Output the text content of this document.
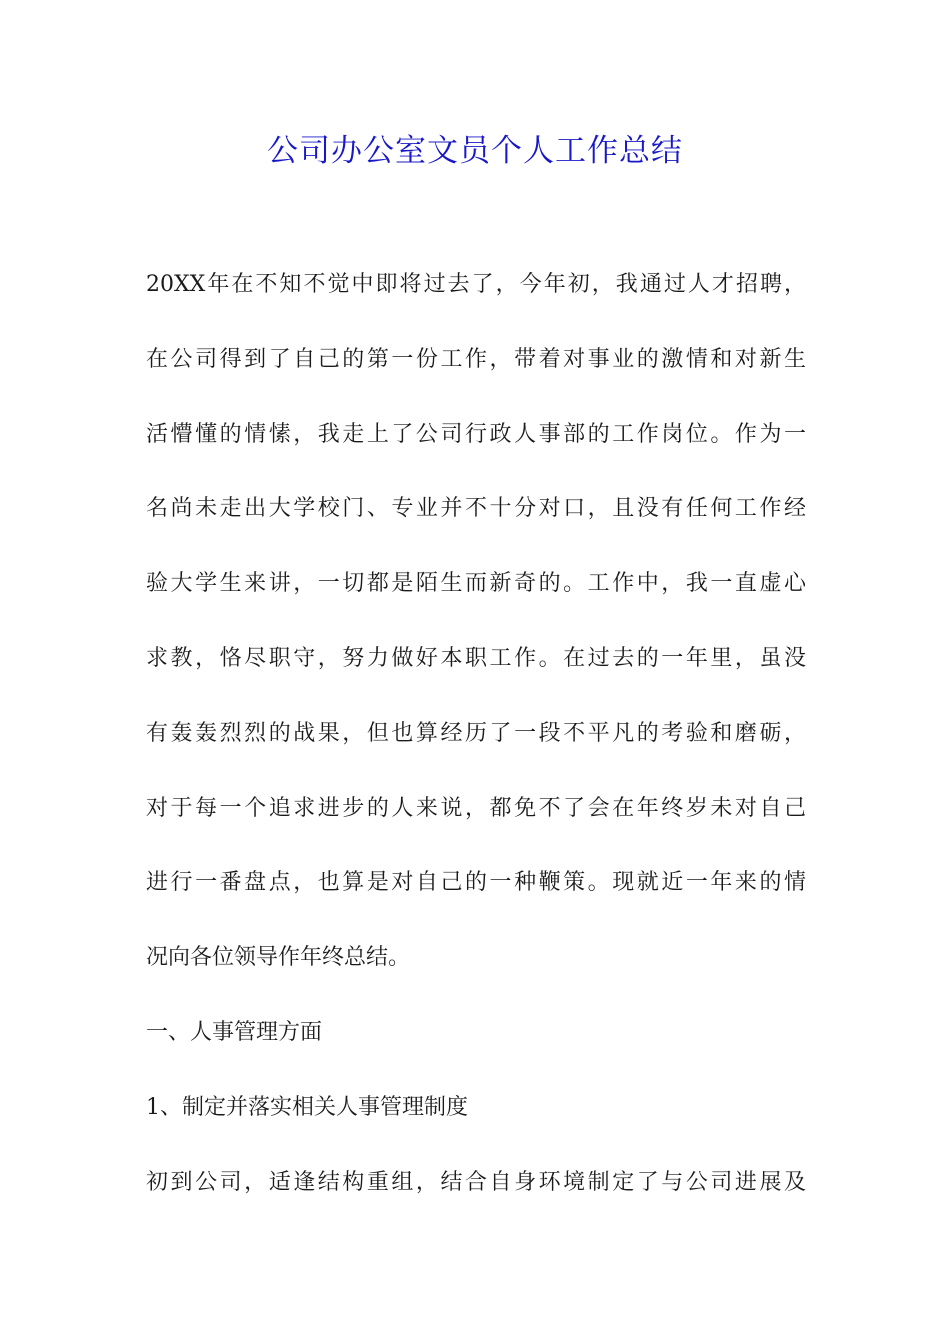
公司办公室文员个人工作总结
20XX年在不知不觉中即将过去了，今年初，我通过人才招聘，
在公司得到了自己的第一份工作，带着对事业的激情和对新生
活懵懂的情愫，我走上了公司行政人事部的工作岗位。作为一
名尚未走出大学校门、专业并不十分对口，且没有任何工作经
验大学生来讲，一切都是陌生而新奇的。工作中，我一直虚心
求教，恪尽职守，努力做好本职工作。在过去的一年里，虽没
有轰轰烈烈的战果，但也算经历了一段不平凡的考验和磨砺，
对于每一个追求进步的人来说，都免不了会在年终岁未对自己
进行一番盘点，也算是对自己的一种鞭策。现就近一年来的情
况向各位领导作年终总结。
一、人事管理方面
1、制定并落实相关人事管理制度
初到公司，适逢结构重组，结合自身环境制定了与公司进展及
